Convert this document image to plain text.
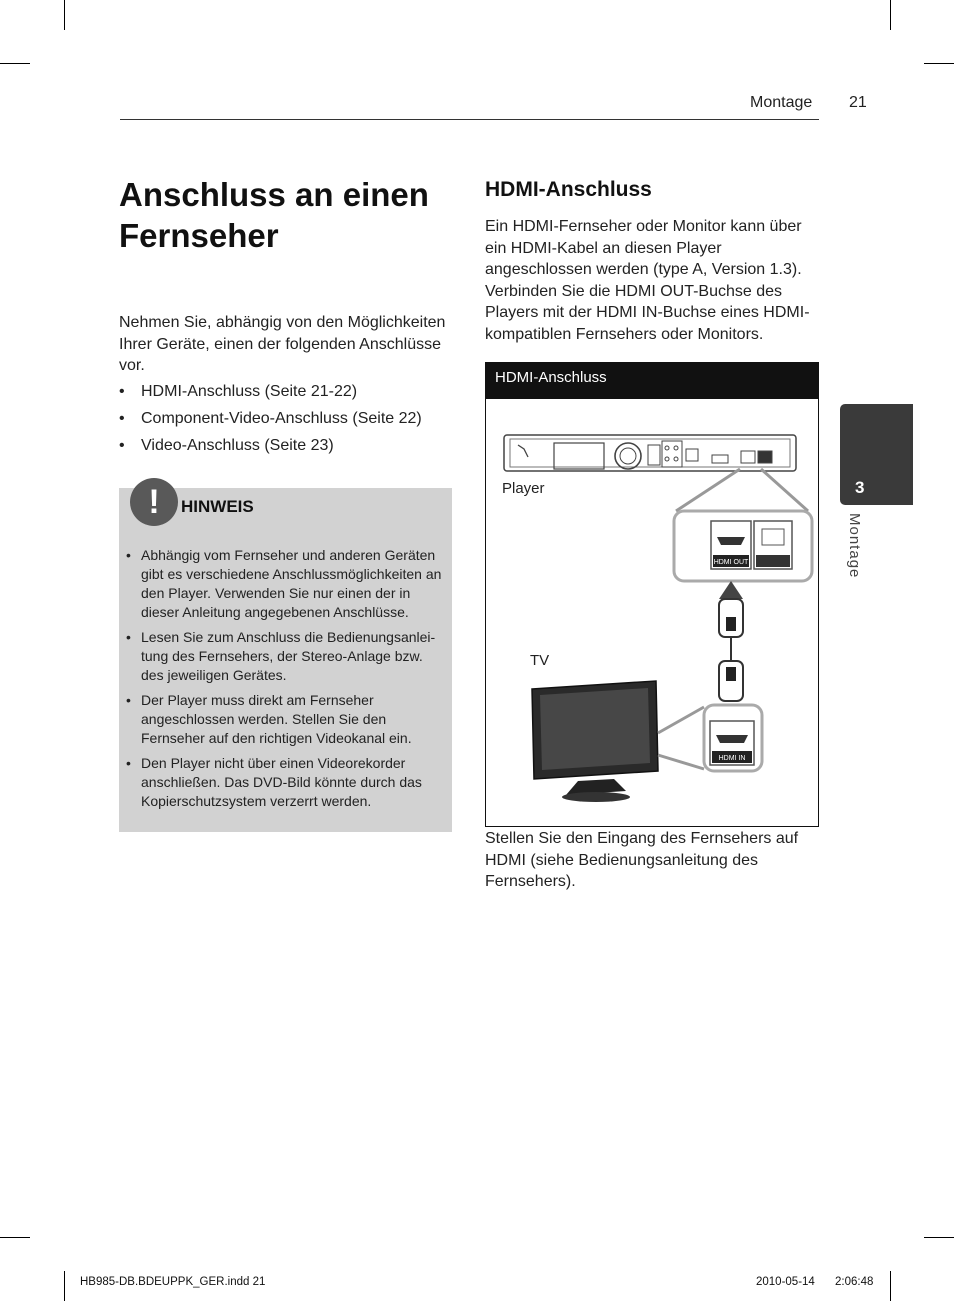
Montage 21
Anschluss an einen Fernseher
Nehmen Sie, abhängig von den Möglichkeiten Ihrer Geräte, einen der folgenden Anschlüsse vor.
• HDMI-Anschluss (Seite 21-22)
• Component-Video-Anschluss (Seite 22)
• Video-Anschluss (Seite 23)
!	HINWEIS
• Abhängig vom Fernseher und anderen Geräten gibt es verschiedene Anschlussmöglichkeiten an den Player. Verwenden Sie nur einen der in dieser Anleitung angegebenen Anschlüsse.
• Lesen Sie zum Anschluss die Bedienungsanlei-tung des Fernsehers, der Stereo-Anlage bzw. des jeweiligen Gerätes.
• Der Player muss direkt am Fernseher angeschlossen werden. Stellen Sie den Fernseher auf den richtigen Videokanal ein.
• Den Player nicht über einen Videorekorder anschließen. Das DVD-Bild könnte durch das Kopierschutzsystem verzerrt werden.
HDMI-Anschluss
Ein HDMI-Fernseher oder Monitor kann über ein HDMI-Kabel an diesen Player angeschlossen werden (type A, Version 1.3). Verbinden Sie die HDMI OUT-Buchse des Players mit der HDMI IN-Buchse eines HDMI-kompatiblen Fernsehers oder Monitors.
HDMI-Anschluss
Player
HDMI OUT
TV
HDMI IN
Stellen Sie den Eingang des Fernsehers auf HDMI (siehe Bedienungsanleitung des Fernsehers).
3
Montage
HB985-DB.BDEUPPK_GER.indd 21	2010-05-14 2:06:48
